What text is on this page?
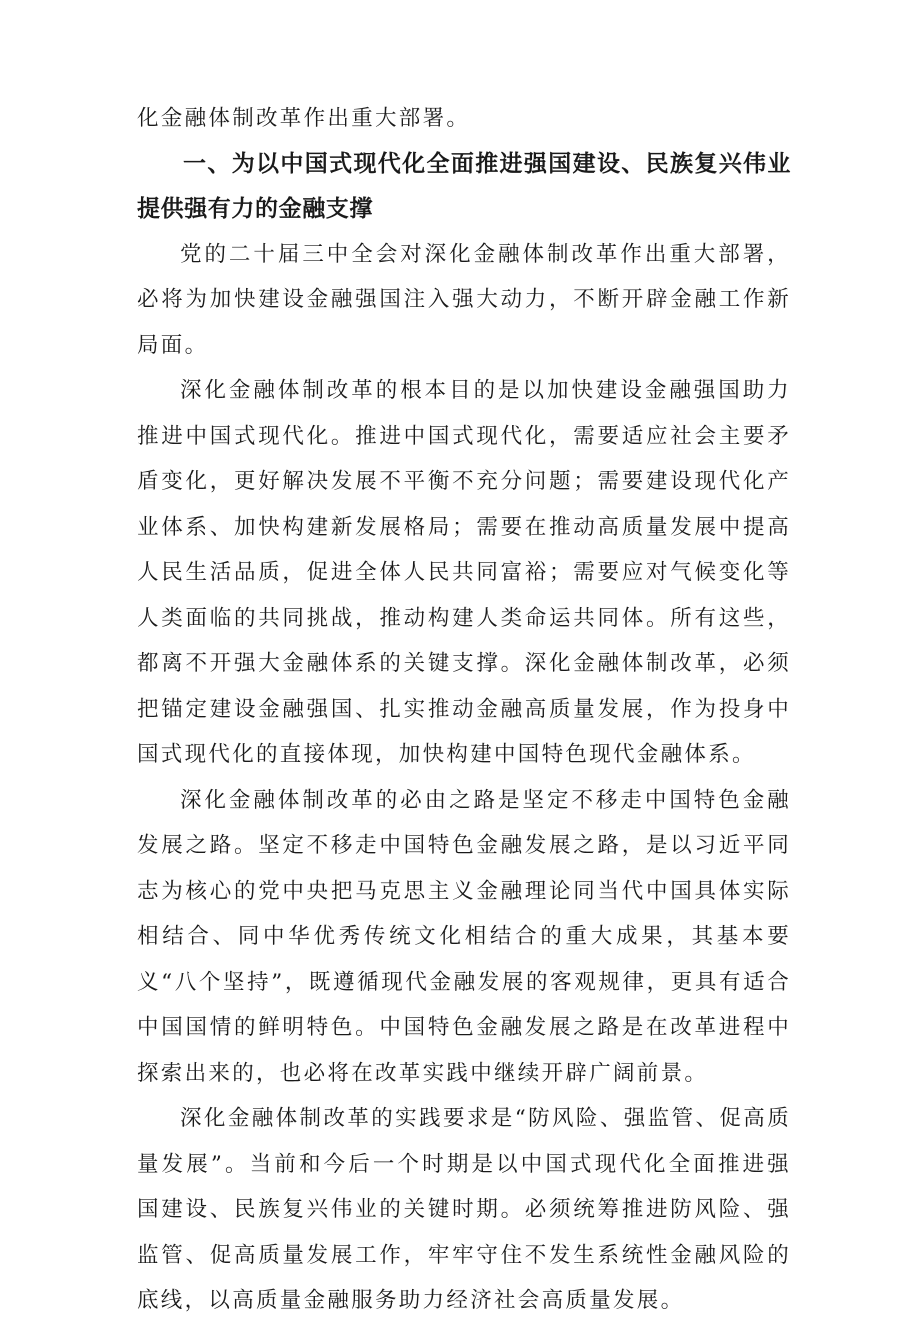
化金融体制改革作出重大部署。

一、为以中国式现代化全面推进强国建设、民族复兴伟业提供强有力的金融支撑

党的二十届三中全会对深化金融体制改革作出重大部署，必将为加快建设金融强国注入强大动力，不断开辟金融工作新局面。

深化金融体制改革的根本目的是以加快建设金融强国助力推进中国式现代化。推进中国式现代化，需要适应社会主要矛盾变化，更好解决发展不平衡不充分问题；需要建设现代化产业体系、加快构建新发展格局；需要在推动高质量发展中提高人民生活品质，促进全体人民共同富裕；需要应对气候变化等人类面临的共同挑战，推动构建人类命运共同体。所有这些，都离不开强大金融体系的关键支撑。深化金融体制改革，必须把锚定建设金融强国、扎实推动金融高质量发展，作为投身中国式现代化的直接体现，加快构建中国特色现代金融体系。

深化金融体制改革的必由之路是坚定不移走中国特色金融发展之路。坚定不移走中国特色金融发展之路，是以习近平同志为核心的党中央把马克思主义金融理论同当代中国具体实际相结合、同中华优秀传统文化相结合的重大成果，其基本要义“八个坚持”，既遵循现代金融发展的客观规律，更具有适合中国国情的鲜明特色。中国特色金融发展之路是在改革进程中探索出来的，也必将在改革实践中继续开辟广阔前景。

深化金融体制改革的实践要求是“防风险、强监管、促高质量发展”。当前和今后一个时期是以中国式现代化全面推进强国建设、民族复兴伟业的关键时期。必须统筹推进防风险、强监管、促高质量发展工作，牢牢守住不发生系统性金融风险的底线，以高质量金融服务助力经济社会高质量发展。
